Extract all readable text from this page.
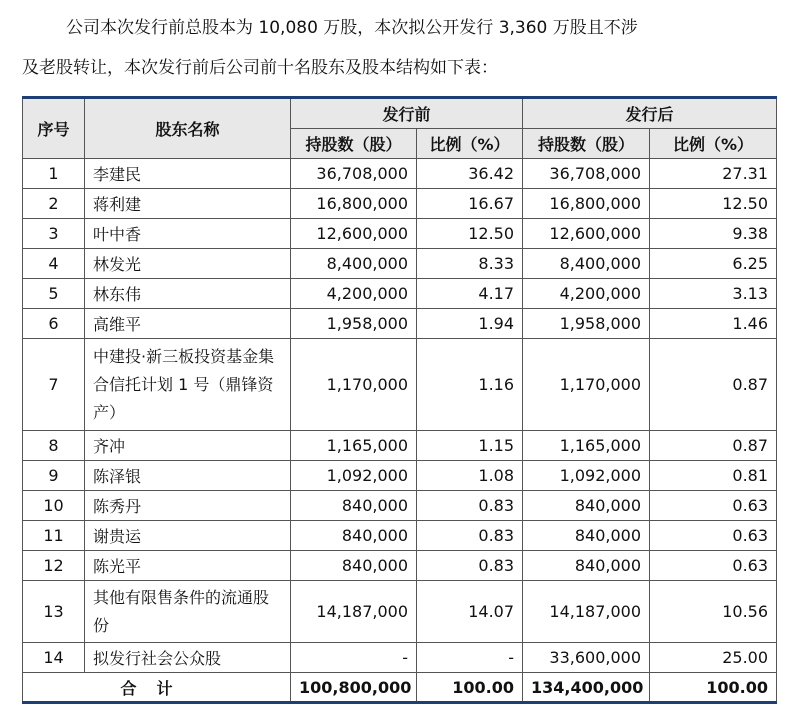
公司本次发行前总股本为 10,080 万股，本次拟公开发行 3,360 万股且不涉

及老股转让，本次发行前后公司前十名股东及股本结构如下表：

序号	股东名称	发行前		发行后	
		持股数（股）	比例（%）	持股数（股）	比例（%）
1	李建民	36,708,000	36.42	36,708,000	27.31
2	蒋利建	16,800,000	16.67	16,800,000	12.50
3	叶中香	12,600,000	12.50	12,600,000	9.38
4	林发光	8,400,000	8.33	8,400,000	6.25
5	林东伟	4,200,000	4.17	4,200,000	3.13
6	高维平	1,958,000	1.94	1,958,000	1.46
7	中建投·新三板投资基金集合信托计划 1 号（鼎锋资产）	1,170,000	1.16	1,170,000	0.87
8	齐冲	1,165,000	1.15	1,165,000	0.87
9	陈泽银	1,092,000	1.08	1,092,000	0.81
10	陈秀丹	840,000	0.83	840,000	0.63
11	谢贵运	840,000	0.83	840,000	0.63
12	陈光平	840,000	0.83	840,000	0.63
13	其他有限售条件的流通股份	14,187,000	14.07	14,187,000	10.56
14	拟发行社会公众股	-	-	33,600,000	25.00
合计		100,800,000	100.00	134,400,000	100.00
